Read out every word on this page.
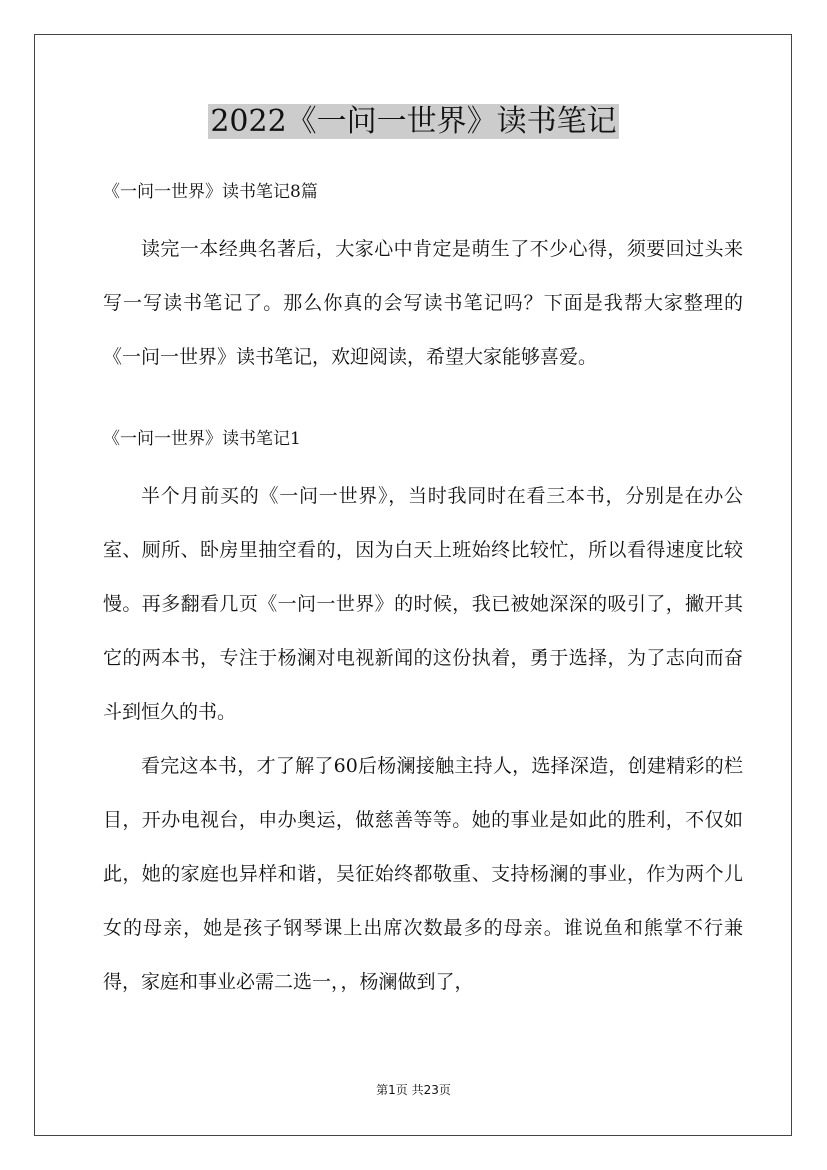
2022《一问一世界》读书笔记

《一问一世界》读书笔记8篇

读完一本经典名著后，大家心中肯定是萌生了不少心得，须要回过头来写一写读书笔记了。那么你真的会写读书笔记吗？下面是我帮大家整理的《一问一世界》读书笔记，欢迎阅读，希望大家能够喜爱。

《一问一世界》读书笔记1

半个月前买的《一问一世界》，当时我同时在看三本书，分别是在办公室、厕所、卧房里抽空看的，因为白天上班始终比较忙，所以看得速度比较慢。再多翻看几页《一问一世界》的时候，我已被她深深的吸引了，撇开其它的两本书，专注于杨澜对电视新闻的这份执着，勇于选择，为了志向而奋斗到恒久的书。

看完这本书，才了解了60后杨澜接触主持人，选择深造，创建精彩的栏目，开办电视台，申办奥运，做慈善等等。她的事业是如此的胜利，不仅如此，她的家庭也异样和谐，吴征始终都敬重、支持杨澜的事业，作为两个儿女的母亲，她是孩子钢琴课上出席次数最多的母亲。谁说鱼和熊掌不行兼得，家庭和事业必需二选一，，杨澜做到了，

第1页 共23页
